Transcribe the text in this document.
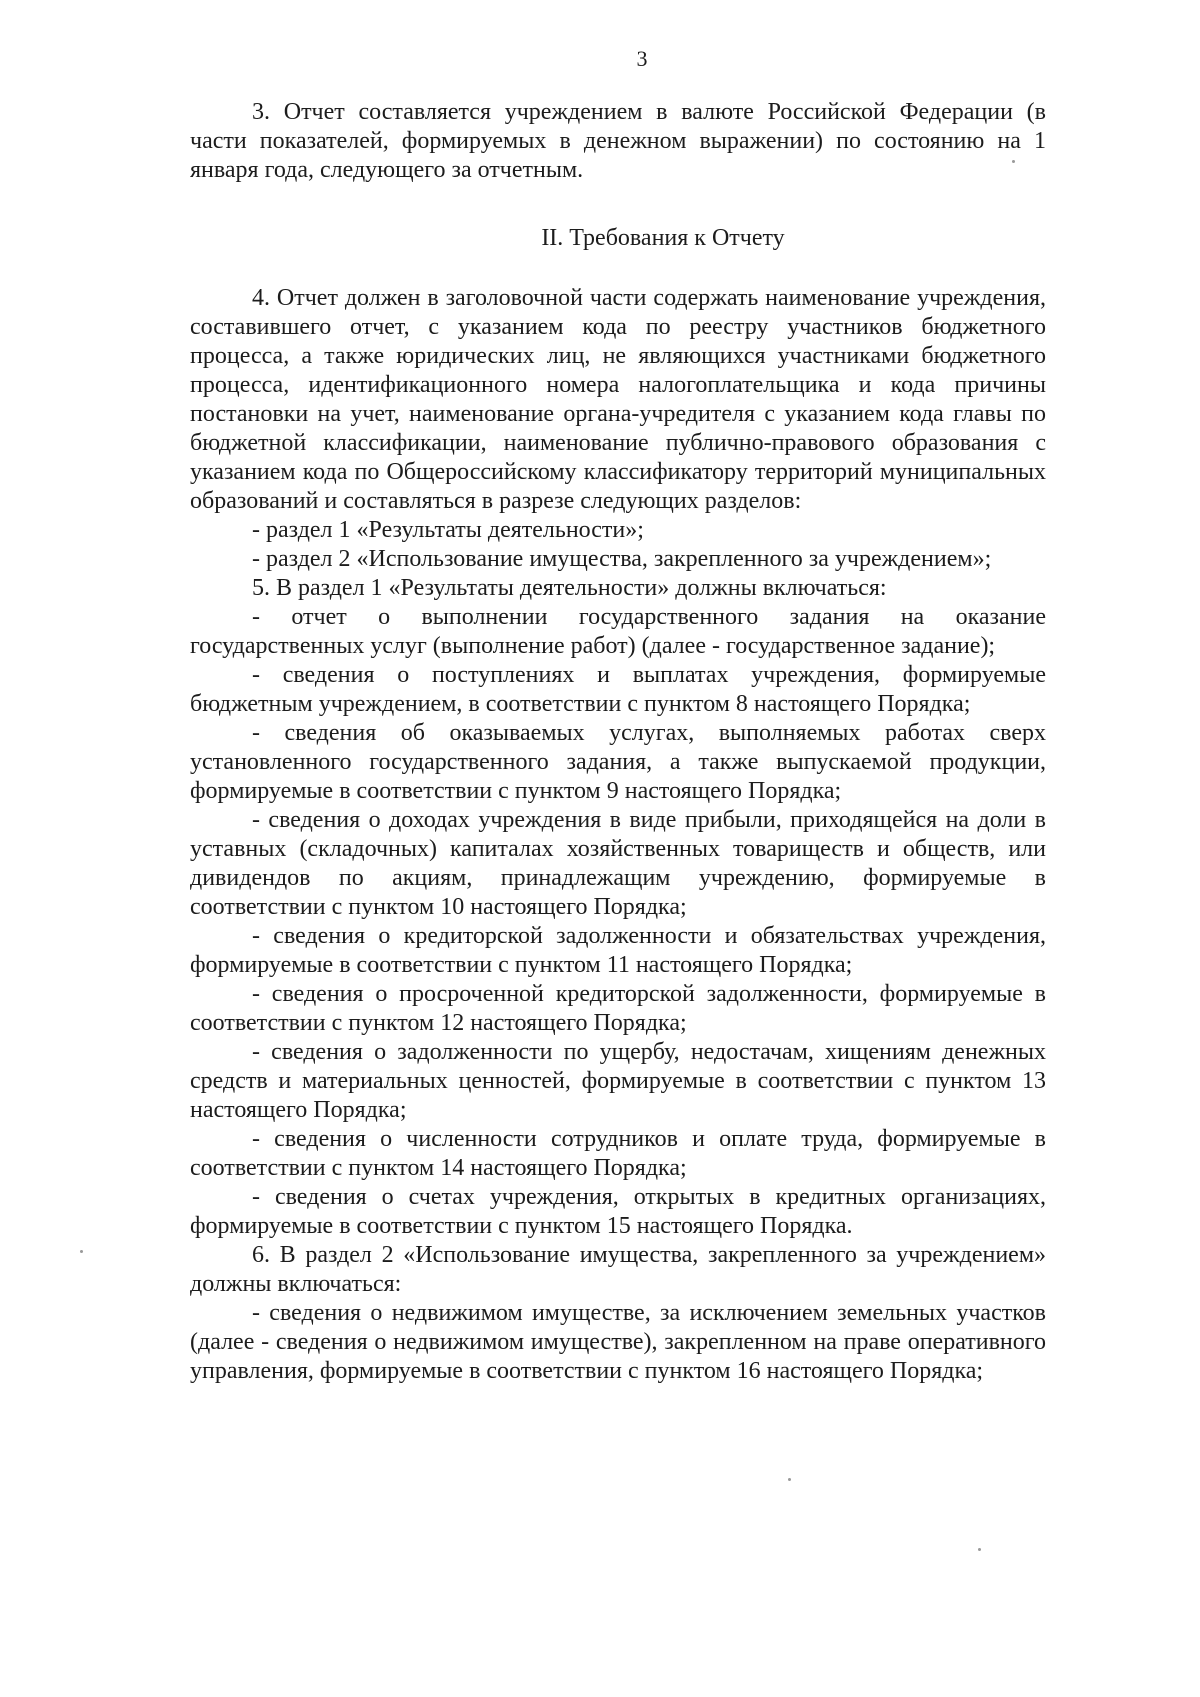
3

3. Отчет составляется учреждением в валюте Российской Федерации (в части показателей, формируемых в денежном выражении) по состоянию на 1 января года, следующего за отчетным.

II. Требования к Отчету

4. Отчет должен в заголовочной части содержать наименование учреждения, составившего отчет, с указанием кода по реестру участников бюджетного процесса, а также юридических лиц, не являющихся участниками бюджетного процесса, идентификационного номера налогоплательщика и кода причины постановки на учет, наименование органа-учредителя с указанием кода главы по бюджетной классификации, наименование публично-правового образования с указанием кода по Общероссийскому классификатору территорий муниципальных образований и составляться в разрезе следующих разделов:

- раздел 1 «Результаты деятельности»;

- раздел 2 «Использование имущества, закрепленного за учреждением»;

5. В раздел 1 «Результаты деятельности» должны включаться:

- отчет о выполнении государственного задания на оказание государственных услуг (выполнение работ) (далее - государственное задание);

- сведения о поступлениях и выплатах учреждения, формируемые бюджетным учреждением, в соответствии с пунктом 8 настоящего Порядка;

- сведения об оказываемых услугах, выполняемых работах сверх установленного государственного задания, а также выпускаемой продукции, формируемые в соответствии с пунктом 9 настоящего Порядка;

- сведения о доходах учреждения в виде прибыли, приходящейся на доли в уставных (складочных) капиталах хозяйственных товариществ и обществ, или дивидендов по акциям, принадлежащим учреждению, формируемые в соответствии с пунктом 10 настоящего Порядка;

- сведения о кредиторской задолженности и обязательствах учреждения, формируемые в соответствии с пунктом 11 настоящего Порядка;

- сведения о просроченной кредиторской задолженности, формируемые в соответствии с пунктом 12 настоящего Порядка;

- сведения о задолженности по ущербу, недостачам, хищениям денежных средств и материальных ценностей, формируемые в соответствии с пунктом 13 настоящего Порядка;

- сведения о численности сотрудников и оплате труда, формируемые в соответствии с пунктом 14 настоящего Порядка;

- сведения о счетах учреждения, открытых в кредитных организациях, формируемые в соответствии с пунктом 15 настоящего Порядка.

6. В раздел 2 «Использование имущества, закрепленного за учреждением» должны включаться:

- сведения о недвижимом имуществе, за исключением земельных участков (далее - сведения о недвижимом имуществе), закрепленном на праве оперативного управления, формируемые в соответствии с пунктом 16 настоящего Порядка;
